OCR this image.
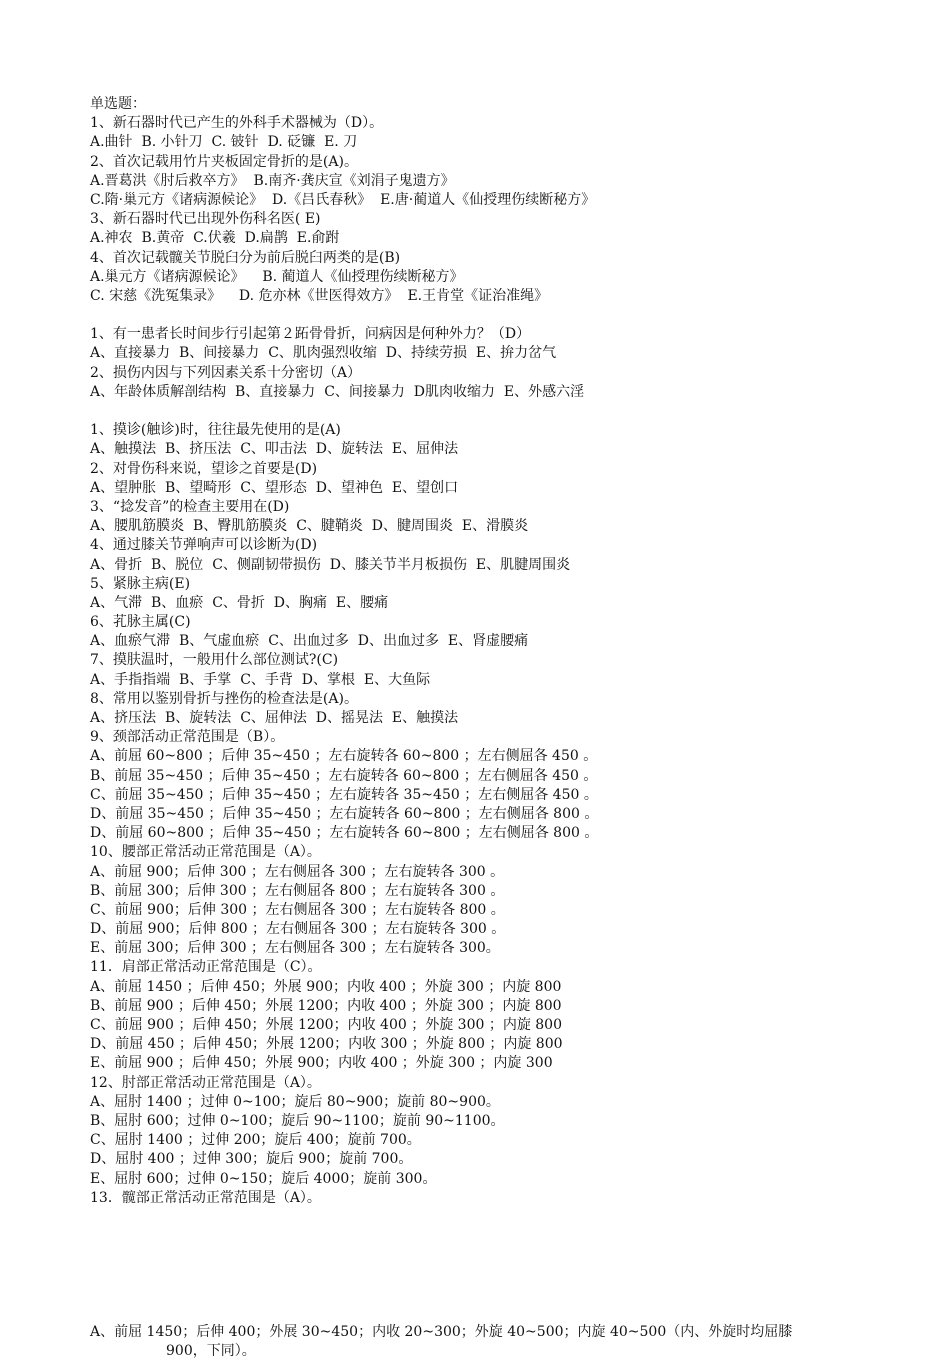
单选题：
1、新石器时代已产生的外科手术器械为（D）。
A.曲针  B. 小针刀  C. 铍针  D. 砭镰  E. 刀
2、首次记载用竹片夹板固定骨折的是(A)。
A.晋葛洪《肘后救卒方》  B.南齐·龚庆宣《刘涓子鬼遗方》
C.隋·巢元方《诸病源候论》  D.《吕氏春秋》  E.唐·蔺道人《仙授理伤续断秘方》
3、新石器时代已出现外伤科名医( E)
A.神农  B.黄帝  C.伏羲  D.扁鹊  E.俞跗
4、首次记载髋关节脱臼分为前后脱臼两类的是(B)
A.巢元方《诸病源候论》    B. 蔺道人《仙授理伤续断秘方》
C. 宋慈《洗冤集录》    D. 危亦林《世医得效方》  E.王肯堂《证治准绳》
1、有一患者长时间步行引起第２跖骨骨折，问病因是何种外力？（D）
A、直接暴力  B、间接暴力  C、肌肉强烈收缩  D、持续劳损  E、拚力岔气
2、损伤内因与下列因素关系十分密切（A）
A、年龄体质解剖结构  B、直接暴力  C、间接暴力  D肌肉收缩力  E、外感六淫
1、摸诊(触诊)时，往往最先使用的是(A)
A、触摸法  B、挤压法  C、叩击法  D、旋转法  E、屈伸法
2、对骨伤科来说，望诊之首要是(D)
A、望肿胀  B、望畸形  C、望形态  D、望神色  E、望创口
3、“捻发音”的检查主要用在(D)
A、腰肌筋膜炎  B、臀肌筋膜炎  C、腱鞘炎  D、腱周围炎  E、滑膜炎
4、通过膝关节弹响声可以诊断为(D)
A、骨折  B、脱位  C、侧副韧带损伤  D、膝关节半月板损伤  E、肌腱周围炎
5、紧脉主病(E)
A、气滞  B、血瘀  C、骨折  D、胸痛  E、腰痛
6、芤脉主属(C)
A、血瘀气滞  B、气虚血瘀  C、出血过多  D、出血过多  E、肾虚腰痛
7、摸肤温时，一般用什么部位测试?(C)
A、手指指端  B、手掌  C、手背  D、掌根  E、大鱼际
8、常用以鉴别骨折与挫伤的检查法是(A)。
A、挤压法  B、旋转法  C、屈伸法  D、摇晃法  E、触摸法
9、颈部活动正常范围是（B）。
A、前屈 60~800 ；后伸 35~450 ；左右旋转各 60~800 ；左右侧屈各 450 。
B、前屈 35~450 ；后伸 35~450 ；左右旋转各 60~800 ；左右侧屈各 450 。
C、前屈 35~450 ；后伸 35~450 ；左右旋转各 35~450 ；左右侧屈各 450 。
D、前屈 35~450 ；后伸 35~450 ；左右旋转各 60~800 ；左右侧屈各 800 。
D、前屈 60~800 ；后伸 35~450 ；左右旋转各 60~800 ；左右侧屈各 800 。
10、腰部正常活动正常范围是（A）。
A、前屈 900；后伸 300 ；左右侧屈各 300 ；左右旋转各 300 。
B、前屈 300；后伸 300 ；左右侧屈各 800 ；左右旋转各 300 。
C、前屈 900；后伸 300 ；左右侧屈各 300 ；左右旋转各 800 。
D、前屈 900；后伸 800 ；左右侧屈各 300 ；左右旋转各 300 。
E、前屈 300；后伸 300 ；左右侧屈各 300 ；左右旋转各 300。
11．肩部正常活动正常范围是（C）。
A、前屈 1450 ；后伸 450；外展 900；内收 400 ；外旋 300 ；内旋 800
B、前屈 900 ；后伸 450；外展 1200；内收 400 ；外旋 300 ；内旋 800
C、前屈 900 ；后伸 450；外展 1200；内收 400 ；外旋 300 ；内旋 800
D、前屈 450 ；后伸 450；外展 1200；内收 300 ；外旋 800 ；内旋 800
E、前屈 900 ；后伸 450；外展 900；内收 400 ；外旋 300 ；内旋 300
12、肘部正常活动正常范围是（A）。
A、屈肘 1400 ；过伸 0~100；旋后 80~900；旋前 80~900。
B、屈肘 600；过伸 0~100；旋后 90~1100；旋前 90~1100。
C、屈肘 1400 ；过伸 200；旋后 400；旋前 700。
D、屈肘 400 ；过伸 300；旋后 900；旋前 700。
E、屈肘 600；过伸 0~150；旋后 4000；旋前 300。
13．髋部正常活动正常范围是（A）。
A、前屈 1450；后伸 400；外展 30~450；内收 20~300；外旋 40~500；内旋 40~500（内、外旋时均屈膝
900，下同）。
